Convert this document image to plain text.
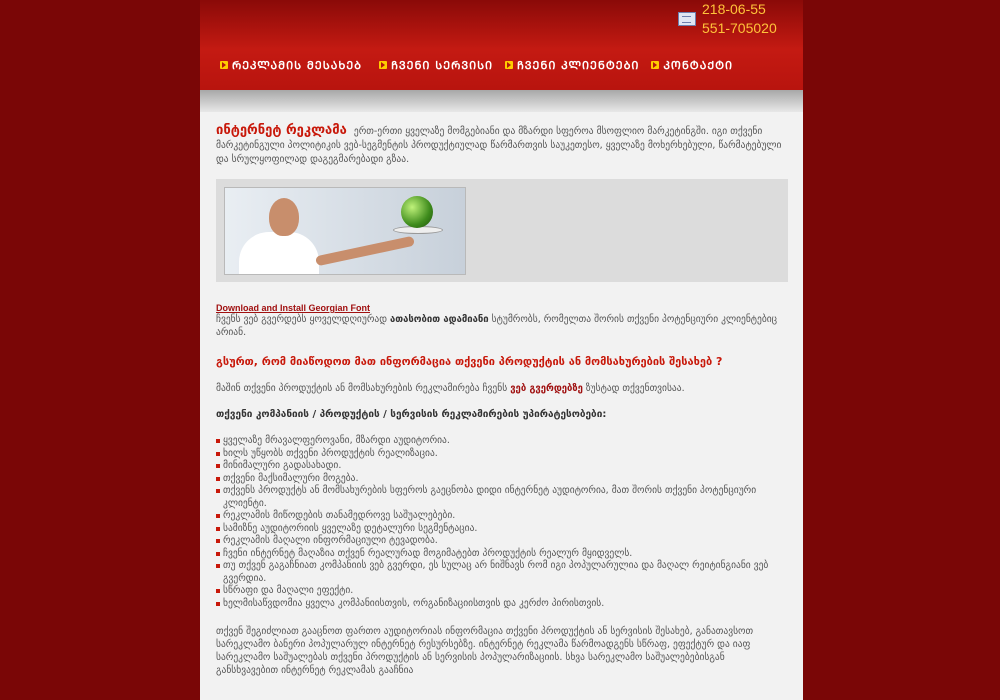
218-06-55
551-705020
ᲠᲔᲙᲚᲐᲛᲘᲡ ᲛᲔᲡᲐᲮᲔᲑ	ᲩᲕᲔᲜᲘ ᲡᲔᲠᲕᲘᲡᲘ ᲩᲕᲔᲜᲘ ᲙᲚᲘᲔᲜᲢᲔᲑᲘ ᲙᲝᲜᲢᲐᲥᲢᲘ

ინტერნეტ რეკლამა ერთ-ერთი ყველაზე მომგებიანი და მზარდი სფეროა მსოფლიო მარკეტინგში. იგი თქვენი მარკეტინგული პოლიტიკის ვებ-სეგმენტის პროდუქტიულად წარმართვის საუკეთესო, ყველაზე მოხერხებული, წარმატებული და სრულყოფილად დაგეგმარებადი გზაა.

Download and Install Georgian Font

ჩვენს ვებ გვერდებს ყოველდღიურად ათასობით ადამიანი სტუმრობს, რომელთა შორის თქვენი პოტენციური კლიენტებიც არიან.

გსურთ, რომ მიაწოდოთ მათ ინფორმაცია თქვენი პროდუქტის ან მომსახურების შესახებ ?

მაშინ თქვენი პროდუქტის ან მომსახურების რეკლამირება ჩვენს ვებ გვერდებზე ზუსტად თქვენთვისაა.

თქვენი კომპანიის / პროდუქტის / სერვისის რეკლამირების უპირატესობები:
ყველაზე მრავალფეროვანი, მზარდი აუდიტორია.
ხილს უწყობს თქვენი პროდუქტის რეალიზაცია.
მინიმალური გადასახადი.
თქვენი მაქსიმალური მოგება.
თქვენს პროდუქტს ან მომსახურების სფეროს გაეცნობა დიდი ინტერნეტ აუდიტორია, მათ შორის თქვენი პოტენციური კლიენტი.
რეკლამის მიწოდების თანამედროვე საშუალებები.
სამიზნე აუდიტორიის ყველაზე დეტალური სეგმენტაცია.
რეკლამის მაღალი ინფორმაციული ტევადობა.
ჩვენი ინტერნეტ მაღაზია თქვენ რეალურად მოგიმატებთ პროდუქტის რეალურ მყიდველს.
თუ თქვენ გაგაჩნიათ კომპანიის ვებ გვერდი, ეს სულაც არ ნიშნავს რომ იგი პოპულარულია და მაღალ რეიტინგიანი ვებ გვერდია.
სწრაფი და მაღალი ეფექტი.
ხელმისაწვდომია ყველა კომპანიისთვის, ორგანიზაციისთვის და კერძო პირისთვის.

თქვენ შეგიძლიათ გააცნოთ ფართო აუდიტორიას ინფორმაცია თქვენი პროდუქტის ან სერვისის შესახებ, განათავსოთ სარეკლამო ბანერი პოპულარულ ინტერნეტ რესურსებზე. ინტერნეტ რეკლამა წარმოადგენს სწრაფ, ეფექტურ და იაფ სარეკლამო საშუალებას თქვენი პროდუქტის ან სერვისის პოპულარიზაციის. სხვა სარეკლამო საშუალებებისგან განსხვავებით ინტერნეტ რეკლამას გააჩნია
